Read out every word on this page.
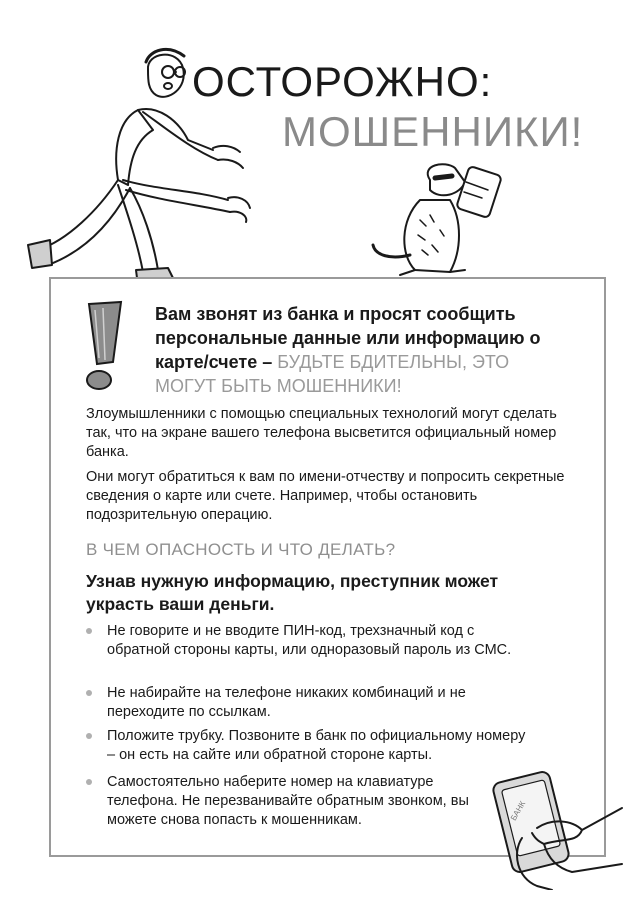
ОСТОРОЖНО:
МОШЕННИКИ!
Вам звонят из банка и просят сообщить персональные данные или информацию о карте/счете – БУДЬТЕ БДИТЕЛЬНЫ, ЭТО МОГУТ БЫТЬ МОШЕННИКИ!
Злоумышленники с помощью специальных технологий могут сделать так, что на экране вашего телефона высветится официальный номер банка.
Они могут обратиться к вам по имени-отчеству и попросить секретные сведения о карте или счете. Например, чтобы остановить подозрительную операцию.
В ЧЕМ ОПАСНОСТЬ И ЧТО ДЕЛАТЬ?
Узнав нужную информацию, преступник может украсть ваши деньги.
Не говорите и не вводите ПИН-код, трехзначный код с обратной стороны карты, или одноразовый пароль из СМС.
Не набирайте на телефоне никаких комбинаций и не переходите по ссылкам.
Положите трубку. Позвоните в банк по официальному номеру – он есть на сайте или обратной стороне карты.
Самостоятельно наберите номер на клавиатуре телефона. Не перезванивайте обратным звонком, вы можете снова попасть к мошенникам.	БАНК
